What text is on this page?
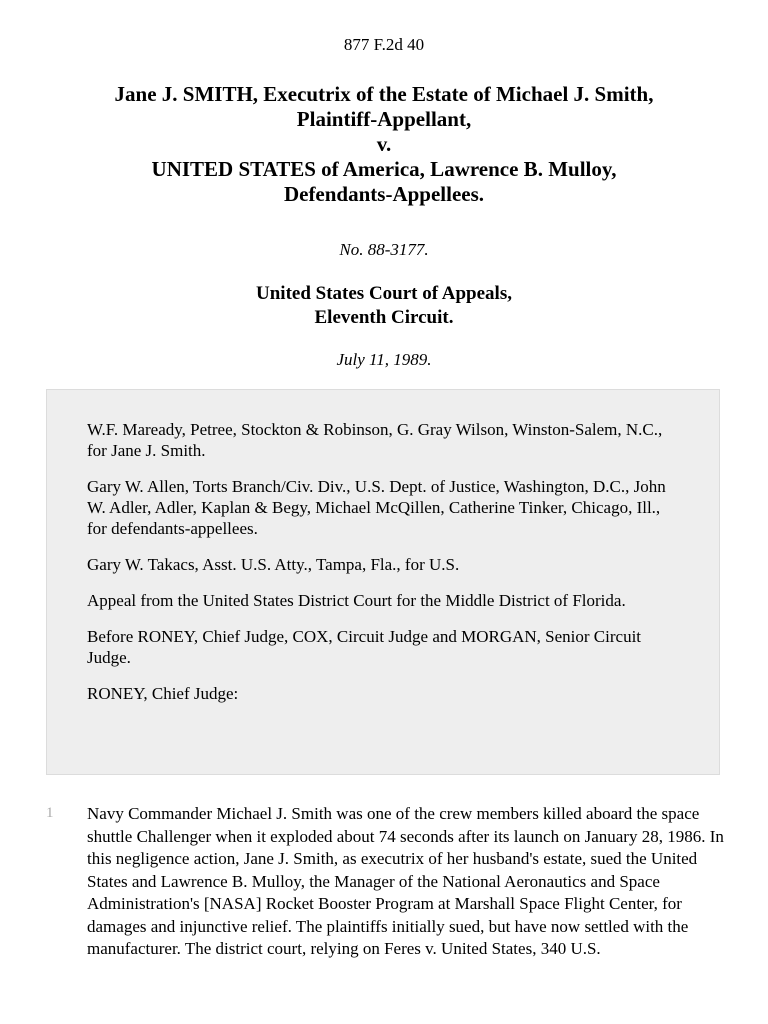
877 F.2d 40
Jane J. SMITH, Executrix of the Estate of Michael J. Smith,
Plaintiff-Appellant,
v.
UNITED STATES of America, Lawrence B. Mulloy,
Defendants-Appellees.
No. 88-3177.
United States Court of Appeals,
Eleventh Circuit.
July 11, 1989.

W.F. Maready, Petree, Stockton & Robinson, G. Gray Wilson, Winston-Salem, N.C., for Jane J. Smith.

Gary W. Allen, Torts Branch/Civ. Div., U.S. Dept. of Justice, Washington, D.C., John W. Adler, Adler, Kaplan & Begy, Michael McQillen, Catherine Tinker, Chicago, Ill., for defendants-appellees.

Gary W. Takacs, Asst. U.S. Atty., Tampa, Fla., for U.S.

Appeal from the United States District Court for the Middle District of Florida.

Before RONEY, Chief Judge, COX, Circuit Judge and MORGAN, Senior Circuit Judge.

RONEY, Chief Judge:

1 Navy Commander Michael J. Smith was one of the crew members killed aboard the space shuttle Challenger when it exploded about 74 seconds after its launch on January 28, 1986. In this negligence action, Jane J. Smith, as executrix of her husband's estate, sued the United States and Lawrence B. Mulloy, the Manager of the National Aeronautics and Space Administration's [NASA] Rocket Booster Program at Marshall Space Flight Center, for damages and injunctive relief. The plaintiffs initially sued, but have now settled with the manufacturer. The district court, relying on Feres v. United States, 340 U.S.
